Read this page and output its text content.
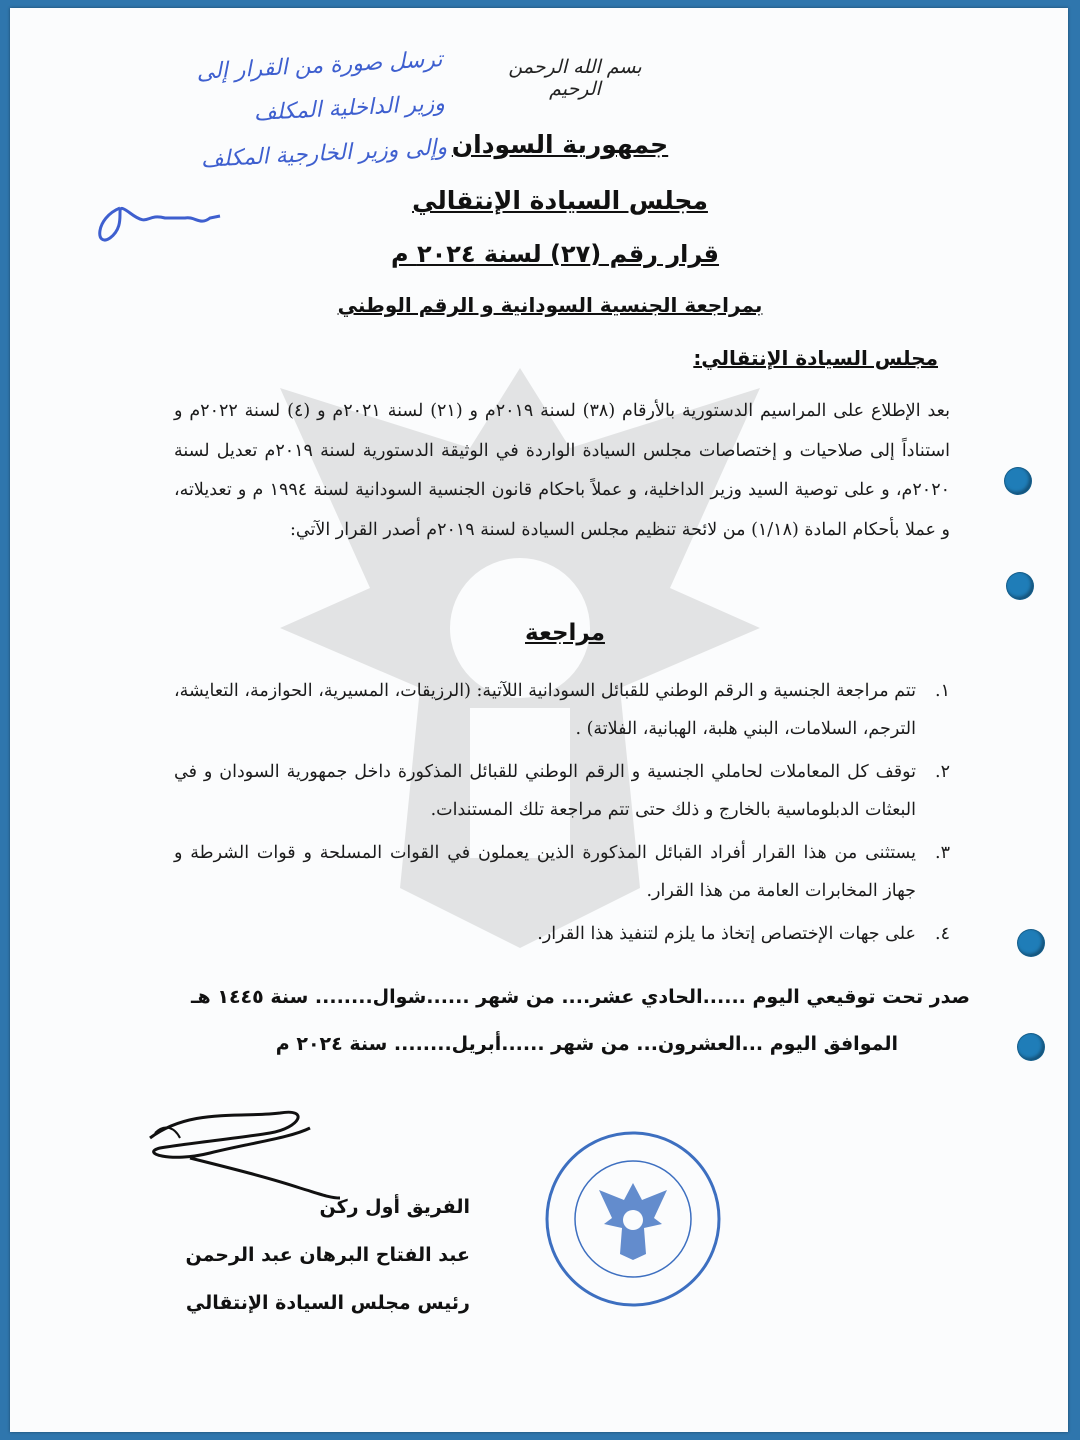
ترسل صورة من القرار إلى
وزير الداخلية المكلف
وإلى وزير الخارجية المكلف
بسم الله الرحمن الرحيم
جمهورية السودان
مجلس السيادة الإنتقالي
قرار رقم (٢٧) لسنة ٢٠٢٤ م
بمراجعة الجنسية السودانية و الرقم الوطني
مجلس السيادة الإنتقالي:
بعد الإطلاع على المراسيم الدستورية بالأرقام (٣٨) لسنة ٢٠١٩م و (٢١) لسنة ٢٠٢١م و (٤) لسنة ٢٠٢٢م و استناداً إلى صلاحيات و إختصاصات مجلس السيادة الواردة في الوثيقة الدستورية لسنة ٢٠١٩م تعديل لسنة ٢٠٢٠م، و على توصية السيد وزير الداخلية، و عملاً باحكام قانون الجنسية السودانية لسنة ١٩٩٤ م و تعديلاته، و عملا بأحكام المادة (١/١٨) من لائحة تنظيم مجلس السيادة لسنة ٢٠١٩م أصدر القرار الآتي:
مراجعة
١.
تتم مراجعة الجنسية و الرقم الوطني للقبائل السودانية اللآتية: (الرزيقات، المسيرية، الحوازمة، التعايشة، الترجم، السلامات، البني هلبة، الهبانية، الفلاتة) .
٢.
توقف كل المعاملات لحاملي الجنسية و الرقم الوطني للقبائل المذكورة داخل جمهورية السودان و في البعثات الدبلوماسية بالخارج و ذلك حتى تتم مراجعة تلك المستندات.
٣.
يستثنى من هذا القرار أفراد القبائل المذكورة الذين يعملون في القوات المسلحة و قوات الشرطة و جهاز المخابرات العامة من هذا القرار.
٤.
على جهات الإختصاص إتخاذ ما يلزم لتنفيذ هذا القرار.
صدر تحت توقيعي اليوم ......الحادي عشر.... من شهر ......شوال........ سنة ١٤٤٥ هـ
الموافق اليوم ...العشرون... من شهر ......أبريل........ سنة ٢٠٢٤ م
الفريق أول ركن
عبد الفتاح البرهان عبد الرحمن
رئيس مجلس السيادة الإنتقالي
